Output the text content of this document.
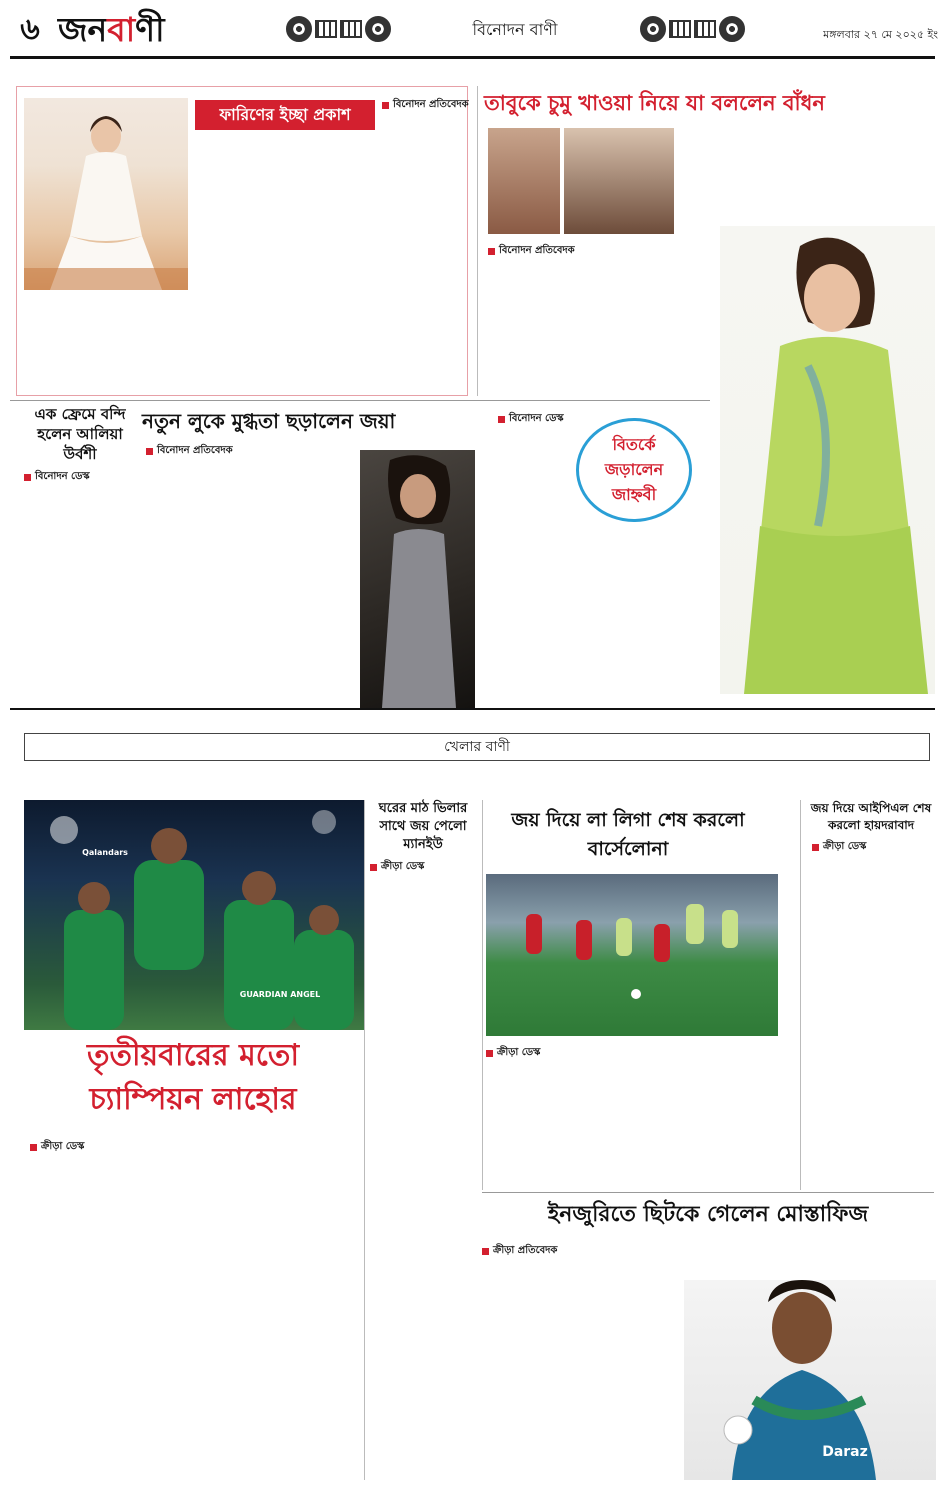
৬ জনবাণী	বিনোদন বাণী	মঙ্গলবার ২৭ মে ২০২৫ ইং
ফারিণের ইচ্ছা প্রকাশ
বিনোদন প্রতিবেদক তাবুকে চুমু খাওয়া নিয়ে যা বললেন বাঁধন
বিনোদন প্রতিবেদক
এক ফ্রেমে বন্দি হলেন আলিয়া উর্বশী
বিনোদন ডেস্ক
নতুন লুকে মুগ্ধতা ছড়ালেন জয়া
বিনোদন প্রতিবেদক
বিনোদন ডেস্ক
বিতর্কে জড়ালেন জাহ্নবী
খেলার বাণী
Qalandars
GUARDIAN ANGEL
তৃতীয়বারের মতো চ্যাম্পিয়ন লাহোর
ক্রীড়া ডেস্ক
ঘরের মাঠ ভিলার সাথে জয় পেলো ম্যানইউ
ক্রীড়া ডেস্ক
জয় দিয়ে লা লিগা শেষ করলো বার্সেলোনা
ক্রীড়া ডেস্ক
জয় দিয়ে আইপিএল শেষ করলো হায়দরাবাদ
ক্রীড়া ডেস্ক
ইনজুরিতে ছিটকে গেলেন মোস্তাফিজ
ক্রীড়া প্রতিবেদক
Daraz
